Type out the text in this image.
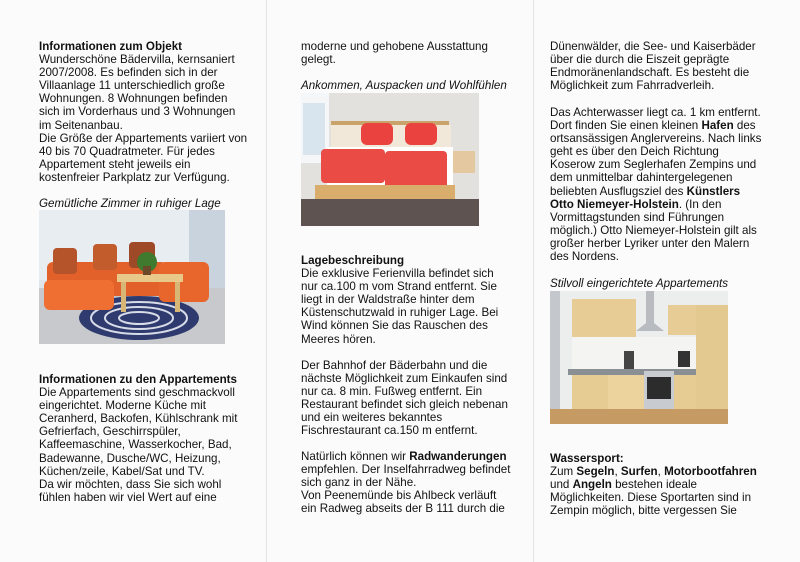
Informationen zum Objekt

Wunderschöne Bädervilla, kernsaniert

2007/2008. Es befinden sich in der

Villaanlage 11 unterschiedlich große

Wohnungen. 8 Wohnungen befinden

sich im Vorderhaus und 3 Wohnungen

im Seitenanbau.

Die Größe der Appartements variiert von

40 bis 70 Quadratmeter. Für jedes

Appartement steht jeweils ein

kostenfreier Parkplatz zur Verfügung.

Gemütliche Zimmer in ruhiger Lage

Informationen zu den Appartements

Die Appartements sind geschmackvoll

eingerichtet. Moderne Küche mit

Ceranherd, Backofen, Kühlschrank mit

Gefrierfach, Geschirrspüler,

Kaffeemaschine, Wasserkocher, Bad,

Badewanne, Dusche/WC, Heizung,

Küchen/zeile, Kabel/Sat und TV.

Da wir möchten, dass Sie sich wohl

fühlen haben wir viel Wert auf eine

moderne und gehobene Ausstattung

gelegt.

Ankommen, Auspacken und Wohlfühlen

Lagebeschreibung

Die exklusive Ferienvilla befindet sich

nur ca.100 m vom Strand entfernt. Sie

liegt in der Waldstraße hinter dem

Küstenschutzwald in ruhiger Lage. Bei

Wind können Sie das Rauschen des

Meeres hören.

Der Bahnhof der Bäderbahn und die

nächste Möglichkeit zum Einkaufen sind

nur ca. 8 min. Fußweg entfernt. Ein

Restaurant befindet sich gleich nebenan

und ein weiteres bekanntes

Fischrestaurant ca.150 m entfernt.

Natürlich können wir Radwanderungen

empfehlen. Der Inselfahrradweg befindet

sich ganz in der Nähe.

Von Peenemünde bis Ahlbeck verläuft

ein Radweg abseits der B 111 durch die

Dünenwälder, die See- und Kaiserbäder

über die durch die Eiszeit geprägte

Endmoränenlandschaft. Es besteht die

Möglichkeit zum Fahrradverleih.

Das Achterwasser liegt ca. 1 km entfernt.

Dort finden Sie einen kleinen Hafen des

ortsansässigen Anglervereins. Nach links

geht es über den Deich Richtung

Koserow zum Seglerhafen Zempins und

dem unmittelbar dahintergelegenen

beliebten Ausflugsziel des Künstlers

Otto Niemeyer-Holstein. (In den

Vormittagstunden sind Führungen

möglich.) Otto Niemeyer-Holstein gilt als

großer herber Lyriker unter den Malern

des Nordens.

Stilvoll eingerichtete Appartements

Wassersport:

Zum Segeln, Surfen, Motorbootfahren

und Angeln bestehen ideale

Möglichkeiten. Diese Sportarten sind in

Zempin möglich, bitte vergessen Sie
